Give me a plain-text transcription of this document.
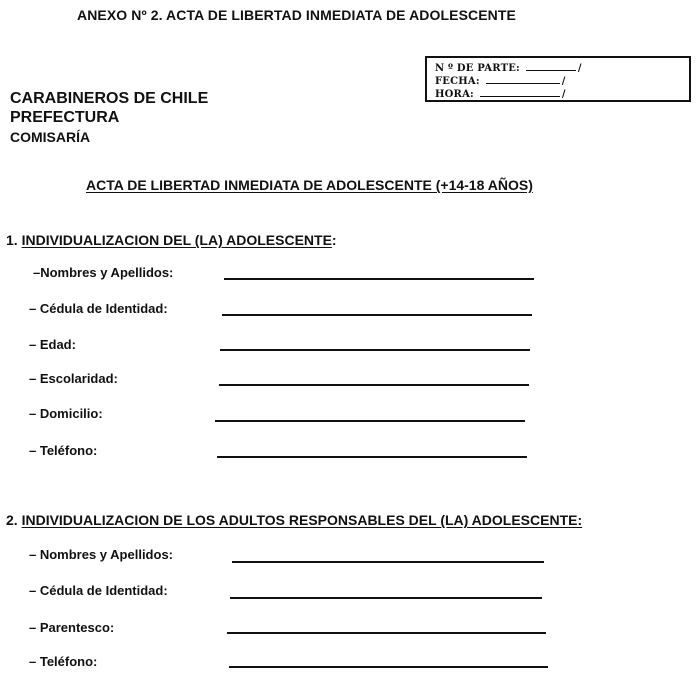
ANEXO Nº 2. ACTA DE LIBERTAD INMEDIATA DE ADOLESCENTE
CARABINEROS DE CHILE
PREFECTURA
COMISARÍA
N º DE PARTE:	/
FECHA:	/
HORA:	/
ACTA DE LIBERTAD INMEDIATA DE ADOLESCENTE (+14-18 AÑOS)
1. INDIVIDUALIZACION DEL (LA) ADOLESCENTE:
–Nombres y Apellidos:
– Cédula de Identidad:
– Edad:
– Escolaridad:
– Domicilio:
– Teléfono:
2. INDIVIDUALIZACION DE LOS ADULTOS RESPONSABLES DEL (LA) ADOLESCENTE:
– Nombres y Apellidos:
– Cédula de Identidad:
– Parentesco:
– Teléfono:
